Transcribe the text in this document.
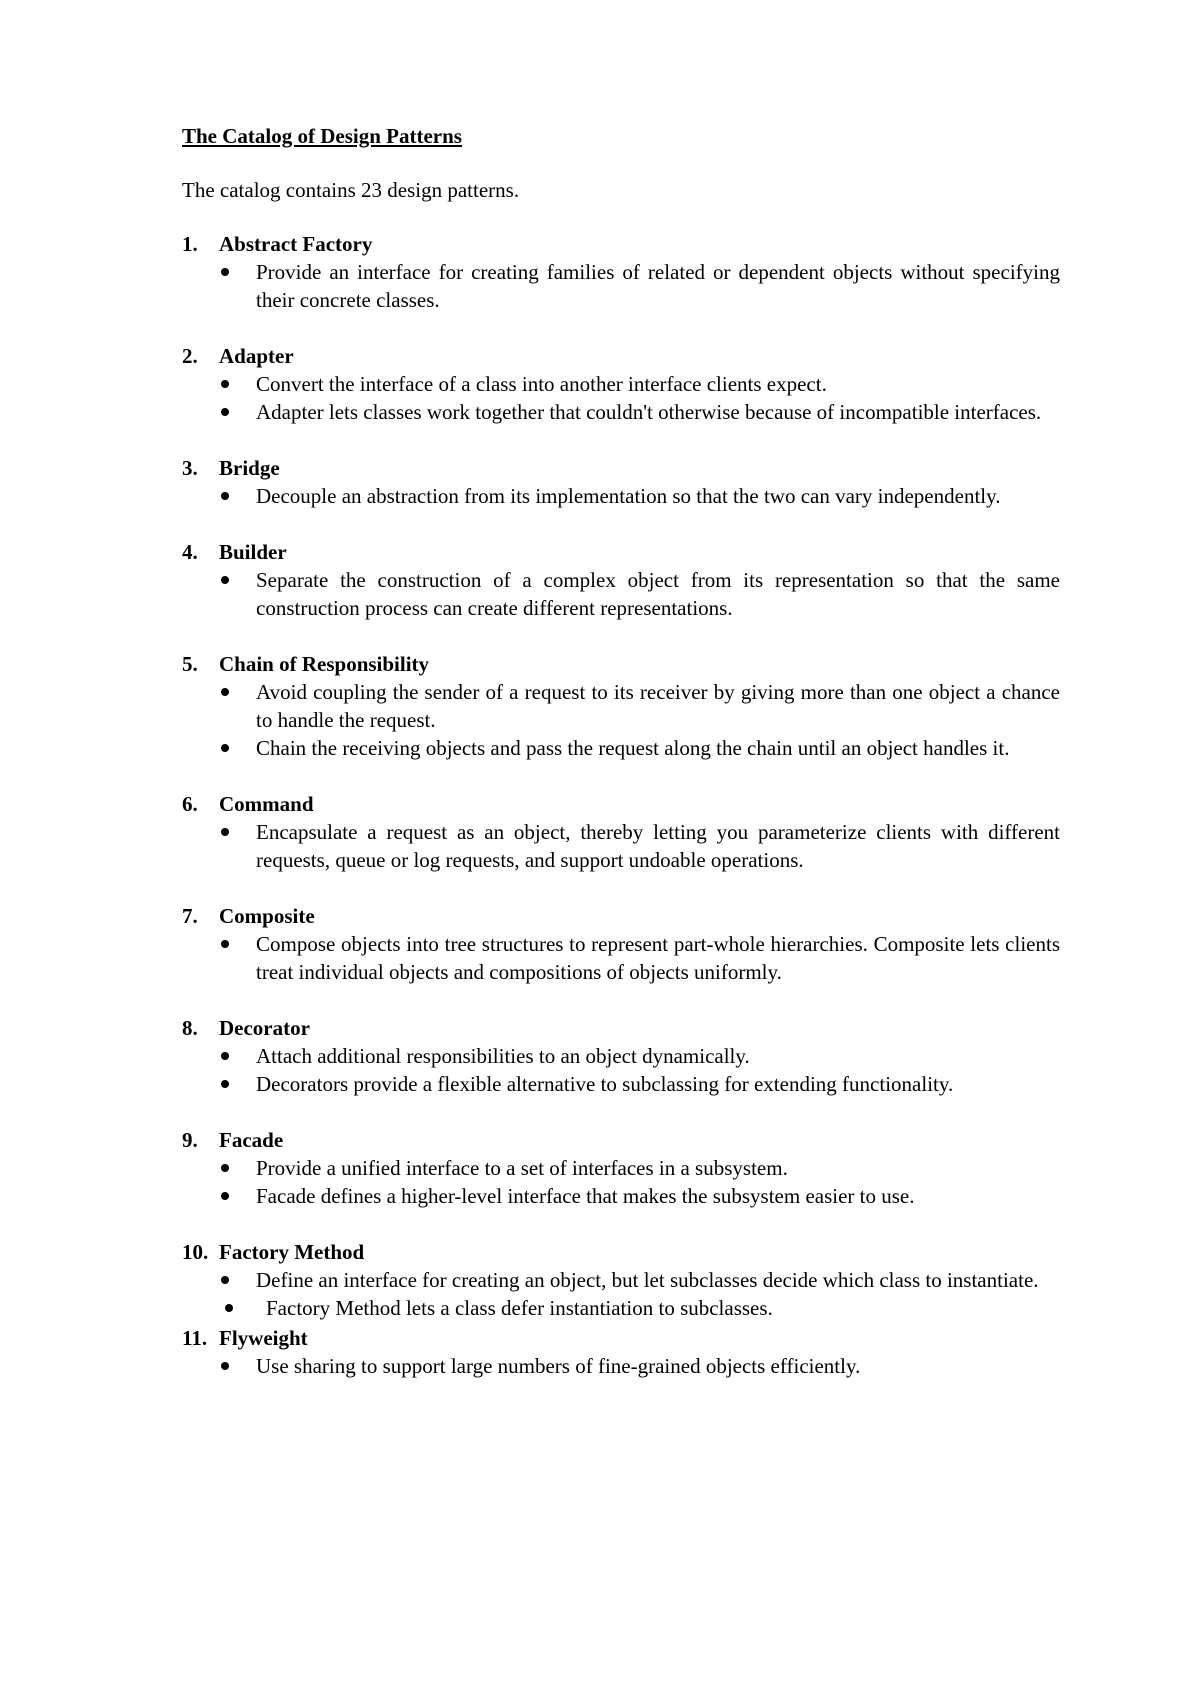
The Catalog of Design Patterns

The catalog contains 23 design patterns.

1.	Abstract Factory
Provide an interface for creating families of related or dependent objects without specifying their concrete classes.
2.	Adapter
Convert the interface of a class into another interface clients expect.
Adapter lets classes work together that couldn't otherwise because of incompatible interfaces.
3.	Bridge
Decouple an abstraction from its implementation so that the two can vary independently.
4.	Builder
Separate the construction of a complex object from its representation so that the same construction process can create different representations.
5.	Chain of Responsibility
Avoid coupling the sender of a request to its receiver by giving more than one object a chance to handle the request.
Chain the receiving objects and pass the request along the chain until an object handles it.
6.	Command
Encapsulate a request as an object, thereby letting you parameterize clients with different requests, queue or log requests, and support undoable operations.
7.	Composite
Compose objects into tree structures to represent part-whole hierarchies. Composite lets clients treat individual objects and compositions of objects uniformly.
8.	Decorator
Attach additional responsibilities to an object dynamically.
Decorators provide a flexible alternative to subclassing for extending functionality.
9.	Facade
Provide a unified interface to a set of interfaces in a subsystem.
Facade defines a higher-level interface that makes the subsystem easier to use.
10. Factory Method
Define an interface for creating an object, but let subclasses decide which class to instantiate.
Factory Method lets a class defer instantiation to subclasses.
11. Flyweight
Use sharing to support large numbers of fine-grained objects efficiently.
